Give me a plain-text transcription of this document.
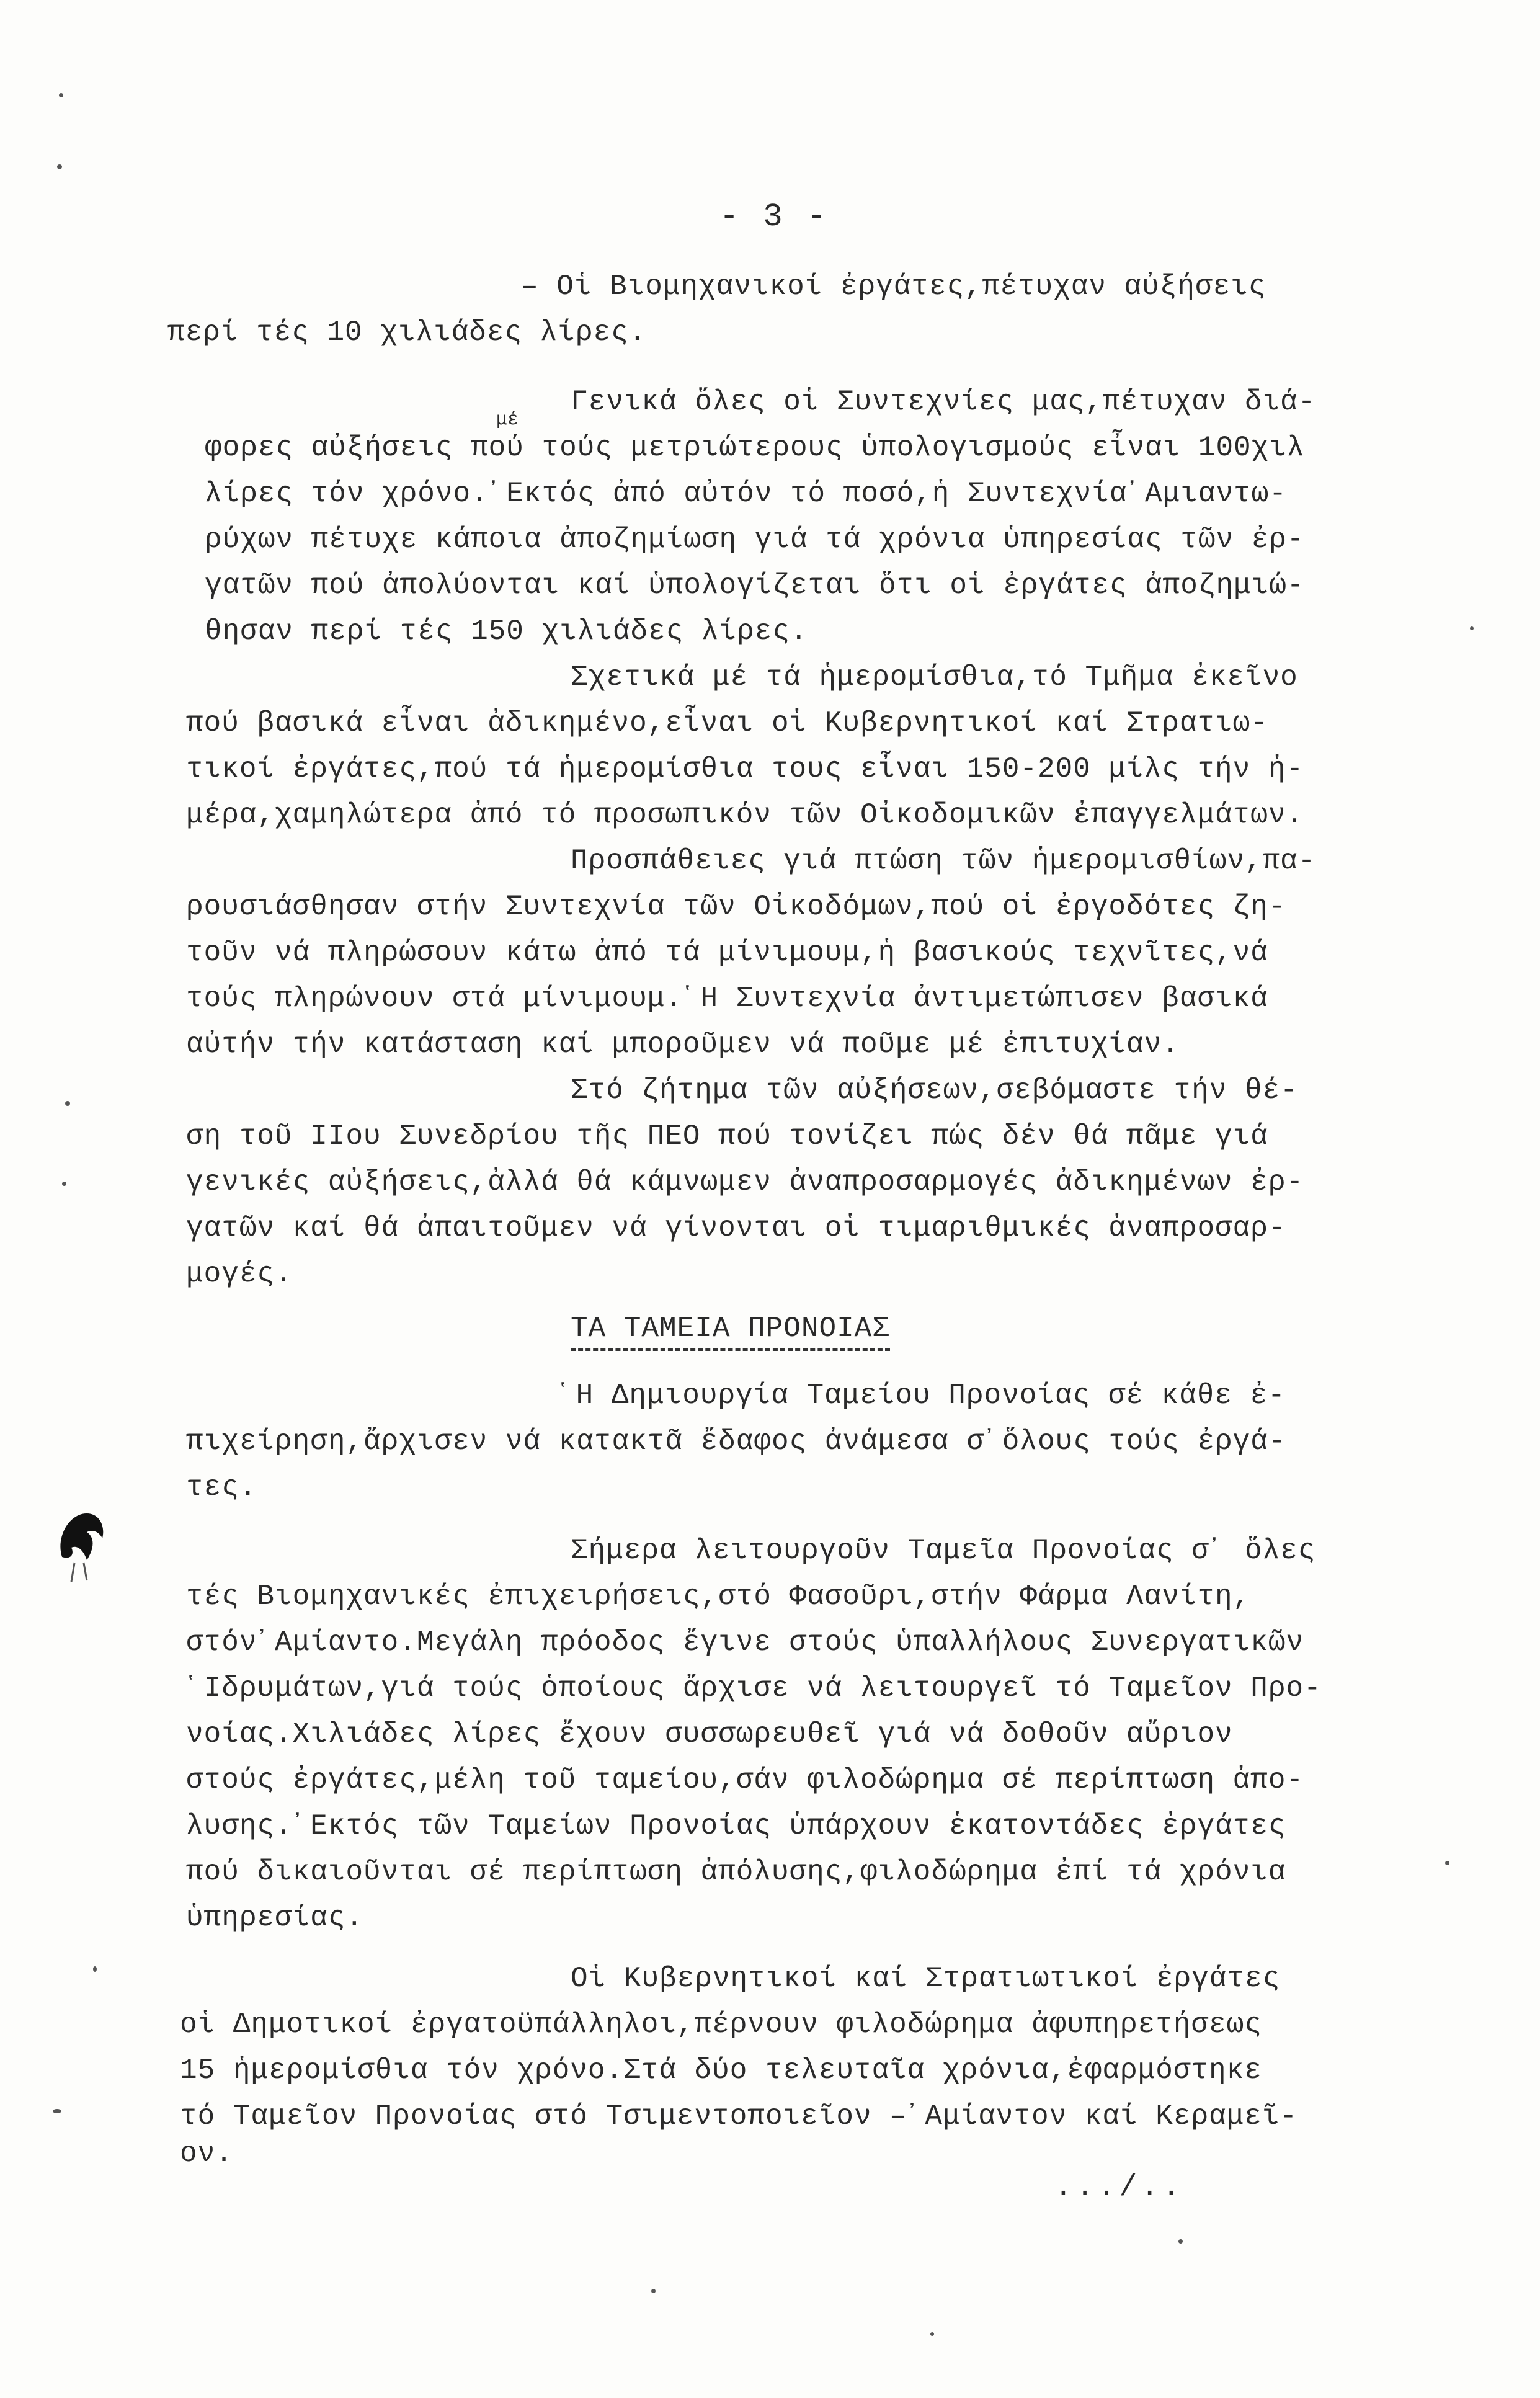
- 3 -
– Οἱ Βιομηχανικοί ἐργάτες,πέτυχαν αὐξήσεις
περί τές 10 χιλιάδες λίρες.
Γενικά ὅλες οἱ Συντεχνίες μας,πέτυχαν διά-
μέ
φορες αὐξήσεις πού τούς μετριώτερους ὑπολογισμούς εἶναι 100χιλ
λίρες τόν χρόνο.᾿Εκτός ἀπό αὐτόν τό ποσό,ἡ Συντεχνία᾿Αμιαντω-
ρύχων πέτυχε κάποια ἀποζημίωση γιά τά χρόνια ὑπηρεσίας τῶν ἐρ-
γατῶν πού ἀπολύονται καί ὑπολογίζεται ὅτι οἱ ἐργάτες ἀποζημιώ-
θησαν περί τές 150 χιλιάδες λίρες.
Σχετικά μέ τά ἡμερομίσθια,τό Τμῆμα ἐκεῖνο
πού βασικά εἶναι ἀδικημένο,εἶναι οἱ Κυβερνητικοί καί Στρατιω-
τικοί ἐργάτες,πού τά ἡμερομίσθια τους εἶναι 150-200 μίλς τήν ἡ-
μέρα,χαμηλώτερα ἀπό τό προσωπικόν τῶν Οἰκοδομικῶν ἐπαγγελμάτων.
Προσπάθειες γιά πτώση τῶν ἡμερομισθίων,πα-
ρουσιάσθησαν στήν Συντεχνία τῶν Οἰκοδόμων,πού οἱ ἐργοδότες ζη-
τοῦν νά πληρώσουν κάτω ἀπό τά μίνιμουμ,ἡ βασικούς τεχνῖτες,νά
τούς πληρώνουν στά μίνιμουμ.῾Η Συντεχνία ἀντιμετώπισεν βασικά
αὐτήν τήν κατάσταση καί μποροῦμεν νά ποῦμε μέ ἐπιτυχίαν.
Στό ζήτημα τῶν αὐξήσεων,σεβόμαστε τήν θέ-
ση τοῦ ΙΙου Συνεδρίου τῆς ΠΕΟ πού τονίζει πώς δέν θά πᾶμε γιά
γενικές αὐξήσεις,ἀλλά θά κάμνωμεν ἀναπροσαρμογές ἀδικημένων ἐρ-
γατῶν καί θά ἀπαιτοῦμεν νά γίνονται οἱ τιμαριθμικές ἀναπροσαρ-
μογές.
ΤΑ ΤΑΜΕΙΑ ΠΡΟΝΟΙΑΣ
῾Η Δημιουργία Ταμείου Προνοίας σέ κάθε ἐ-
πιχείρηση,ἄρχισεν νά κατακτᾶ ἔδαφος ἀνάμεσα σ᾿ὅλους τούς ἐργά-
τες.
Σήμερα λειτουργοῦν Ταμεῖα Προνοίας σ᾿ ὅλες
τές Βιομηχανικές ἐπιχειρήσεις,στό Φασοῦρι,στήν Φάρμα Λανίτη,
στόν᾿Αμίαντο.Μεγάλη πρόοδος ἔγινε στούς ὑπαλλήλους Συνεργατικῶν
῾Ιδρυμάτων,γιά τούς ὁποίους ἄρχισε νά λειτουργεῖ τό Ταμεῖον Προ-
νοίας.Χιλιάδες λίρες ἔχουν συσσωρευθεῖ γιά νά δοθοῦν αὔριον
στούς ἐργάτες,μέλη τοῦ ταμείου,σάν φιλοδώρημα σέ περίπτωση ἀπο-
λυσης.᾿Εκτός τῶν Ταμείων Προνοίας ὑπάρχουν ἑκατοντάδες ἐργάτες
πού δικαιοῦνται σέ περίπτωση ἀπόλυσης,φιλοδώρημα ἐπί τά χρόνια
ὑπηρεσίας.
Οἱ Κυβερνητικοί καί Στρατιωτικοί ἐργάτες
οἱ Δημοτικοί ἐργατοϋπάλληλοι,πέρνουν φιλοδώρημα ἀφυπηρετήσεως
15 ἡμερομίσθια τόν χρόνο.Στά δύο τελευταῖα χρόνια,ἐφαρμόστηκε
τό Ταμεῖον Προνοίας στό Τσιμεντοποιεῖον –᾿Αμίαντον καί Κεραμεῖ-
ον.
.../..
